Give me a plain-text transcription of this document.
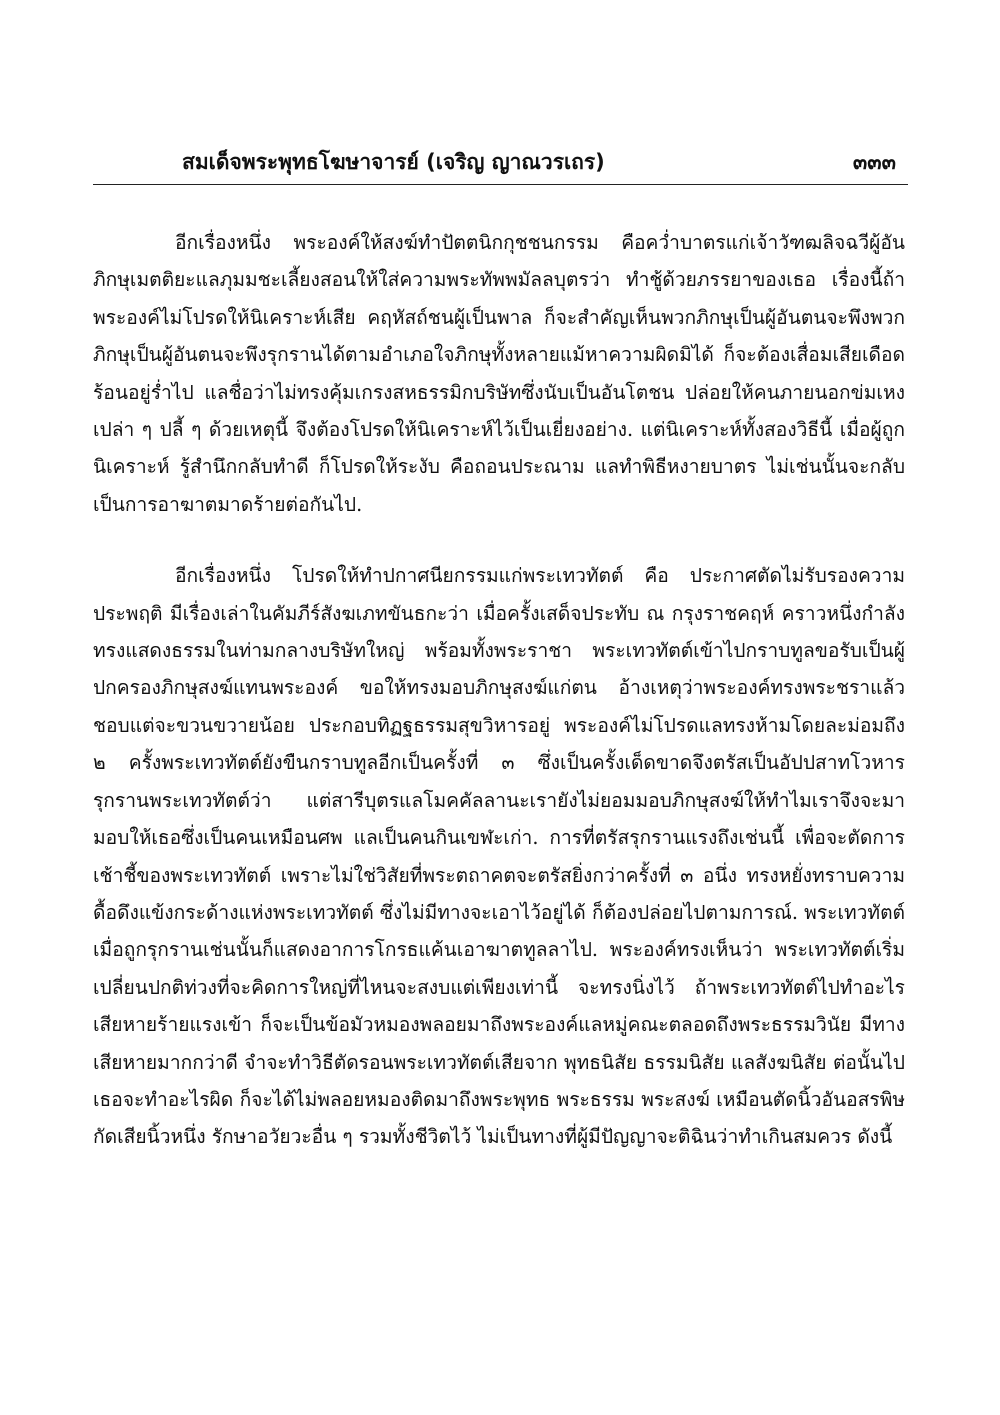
สมเด็จพระพุทธโฆษาจารย์ (เจริญ ญาณวรเถร)	๓๓๓

อีกเรื่องหนึ่ง พระองค์ให้สงฆ์ทำปัตตนิกกุชชนกรรม คือคว่ำบาตรแก่เจ้าวัฑฒลิจฉวีผู้อันภิกษุเมตติยะแลภุมมชะเลี้ยงสอนให้ใส่ความพระทัพพมัลลบุตรว่า ทำชู้ด้วยภรรยาของเธอ เรื่องนี้ถ้าพระองค์ไม่โปรดให้นิเคราะห์เสีย คฤหัสถ์ชนผู้เป็นพาล ก็จะสำคัญเห็นพวกภิกษุเป็นผู้อันตนจะพึงพวกภิกษุเป็นผู้อันตนจะพึงรุกรานได้ตามอำเภอใจภิกษุทั้งหลายแม้หาความผิดมิได้ ก็จะต้องเสื่อมเสียเดือดร้อนอยู่ร่ำไป แลชื่อว่าไม่ทรงคุ้มเกรงสหธรรมิกบริษัทซึ่งนับเป็นอันโตชน ปล่อยให้คนภายนอกข่มเหงเปล่า ๆ ปลี้ ๆ ด้วยเหตุนี้ จึงต้องโปรดให้นิเคราะห์ไว้เป็นเยี่ยงอย่าง. แต่นิเคราะห์ทั้งสองวิธีนี้ เมื่อผู้ถูกนิเคราะห์ รู้สำนึกกลับทำดี ก็โปรดให้ระงับ คือถอนประณาม แลทำพิธีหงายบาตร ไม่เช่นนั้นจะกลับเป็นการอาฆาตมาดร้ายต่อกันไป.

อีกเรื่องหนึ่ง โปรดให้ทำปกาศนียกรรมแก่พระเทวทัตต์ คือ ประกาศตัดไม่รับรองความประพฤติ มีเรื่องเล่าในคัมภีร์สังฆเภทขันธกะว่า เมื่อครั้งเสด็จประทับ ณ กรุงราชคฤห์ คราวหนึ่งกำลังทรงแสดงธรรมในท่ามกลางบริษัทใหญ่ พร้อมทั้งพระราชา พระเทวทัตต์เข้าไปกราบทูลขอรับเป็นผู้ปกครองภิกษุสงฆ์แทนพระองค์ ขอให้ทรงมอบภิกษุสงฆ์แก่ตน อ้างเหตุว่าพระองค์ทรงพระชราแล้ว ชอบแต่จะขวนขวายน้อย ประกอบทิฏฐธรรมสุขวิหารอยู่ พระองค์ไม่โปรดแลทรงห้ามโดยละม่อมถึง ๒ ครั้งพระเทวทัตต์ยังขืนกราบทูลอีกเป็นครั้งที่ ๓ ซึ่งเป็นครั้งเด็ดขาดจึงตรัสเป็นอัปปสาทโวหารรุกรานพระเทวทัตต์ว่า แต่สารีบุตรแลโมคคัลลานะเรายังไม่ยอมมอบภิกษุสงฆ์ให้ทำไมเราจึงจะมามอบให้เธอซึ่งเป็นคนเหมือนศพ แลเป็นคนกินเขฬะเก่า. การที่ตรัสรุกรานแรงถึงเช่นนี้ เพื่อจะตัดการเช้าชี้ของพระเทวทัตต์ เพราะไม่ใช่วิสัยที่พระตถาคตจะตรัสยิ่งกว่าครั้งที่ ๓ อนึ่ง ทรงหยั่งทราบความดื้อดึงแข้งกระด้างแห่งพระเทวทัตต์ ซึ่งไม่มีทางจะเอาไว้อยู่ได้ ก็ต้องปล่อยไปตามการณ์. พระเทวทัตต์เมื่อถูกรุกรานเช่นนั้นก็แสดงอาการโกรธแค้นเอาฆาตทูลลาไป. พระองค์ทรงเห็นว่า พระเทวทัตต์เริ่มเปลี่ยนปกติท่วงที่จะคิดการใหญ่ที่ไหนจะสงบแต่เพียงเท่านี้ จะทรงนิ่งไว้ ถ้าพระเทวทัตต์ไปทำอะไรเสียหายร้ายแรงเข้า ก็จะเป็นข้อมัวหมองพลอยมาถึงพระองค์แลหมู่คณะตลอดถึงพระธรรมวินัย มีทางเสียหายมากกว่าดี จำจะทำวิธีตัดรอนพระเทวทัตต์เสียจาก พุทธนิสัย ธรรมนิสัย แลสังฆนิสัย ต่อนั้นไปเธอจะทำอะไรผิด ก็จะได้ไม่พลอยหมองติดมาถึงพระพุทธ พระธรรม พระสงฆ์ เหมือนตัดนิ้วอันอสรพิษกัดเสียนิ้วหนึ่ง รักษาอวัยวะอื่น ๆ รวมทั้งชีวิตไว้ ไม่เป็นทางที่ผู้มีปัญญาจะติฉินว่าทำเกินสมควร ดังนี้
